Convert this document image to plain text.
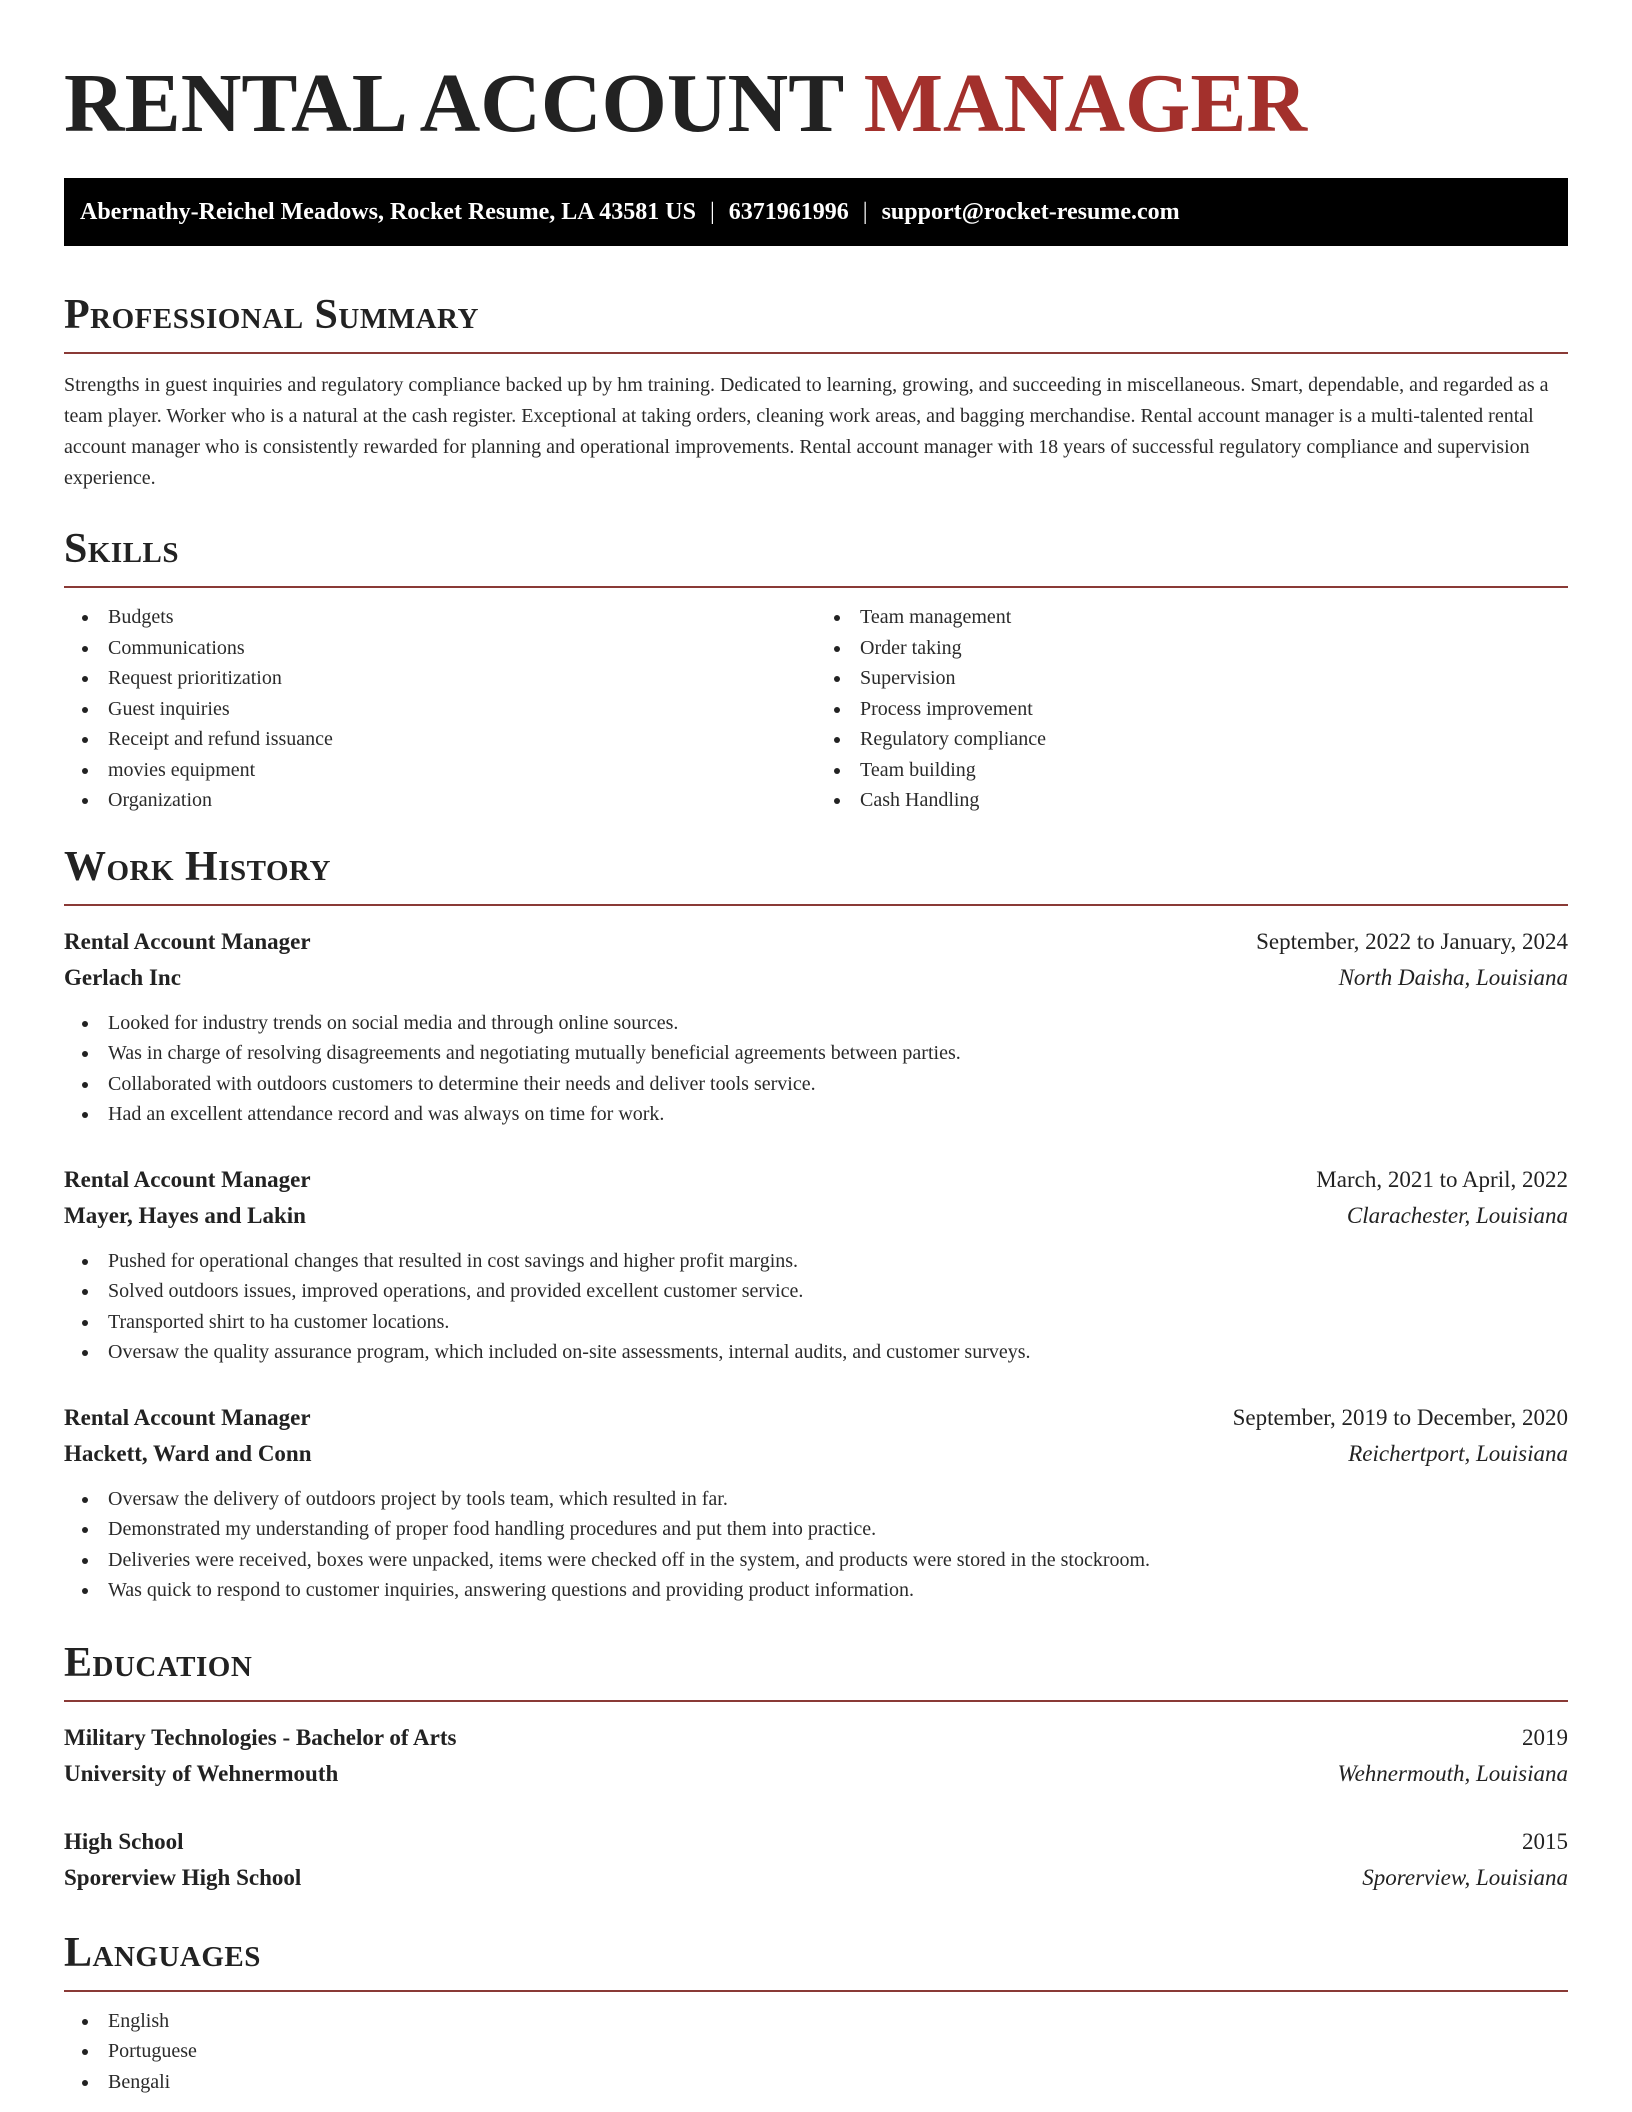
RENTAL ACCOUNT MANAGER
Abernathy-Reichel Meadows, Rocket Resume, LA 43581 US | 6371961996 | support@rocket-resume.com
Professional Summary

Strengths in guest inquiries and regulatory compliance backed up by hm training. Dedicated to learning, growing, and succeeding in miscellaneous. Smart, dependable, and regarded as a team player. Worker who is a natural at the cash register. Exceptional at taking orders, cleaning work areas, and bagging merchandise. Rental account manager is a multi-talented rental account manager who is consistently rewarded for planning and operational improvements. Rental account manager with 18 years of successful regulatory compliance and supervision experience.

Skills
Budgets
Communications
Request prioritization
Guest inquiries
Receipt and refund issuance
movies equipment
Organization
Team management
Order taking
Supervision
Process improvement
Regulatory compliance
Team building
Cash Handling
Work History
Rental Account Manager	September, 2022 to January, 2024
Gerlach Inc	North Daisha, Louisiana
Looked for industry trends on social media and through online sources.
Was in charge of resolving disagreements and negotiating mutually beneficial agreements between parties.
Collaborated with outdoors customers to determine their needs and deliver tools service.
Had an excellent attendance record and was always on time for work.
Rental Account Manager	March, 2021 to April, 2022
Mayer, Hayes and Lakin	Clarachester, Louisiana
Pushed for operational changes that resulted in cost savings and higher profit margins.
Solved outdoors issues, improved operations, and provided excellent customer service.
Transported shirt to ha customer locations.
Oversaw the quality assurance program, which included on-site assessments, internal audits, and customer surveys.
Rental Account Manager	September, 2019 to December, 2020
Hackett, Ward and Conn	Reichertport, Louisiana
Oversaw the delivery of outdoors project by tools team, which resulted in far.
Demonstrated my understanding of proper food handling procedures and put them into practice.
Deliveries were received, boxes were unpacked, items were checked off in the system, and products were stored in the stockroom.
Was quick to respond to customer inquiries, answering questions and providing product information.
Education
Military Technologies - Bachelor of Arts	2019
University of Wehnermouth	Wehnermouth, Louisiana
High School	2015
Sporerview High School	Sporerview, Louisiana
Languages
English
Portuguese
Bengali
